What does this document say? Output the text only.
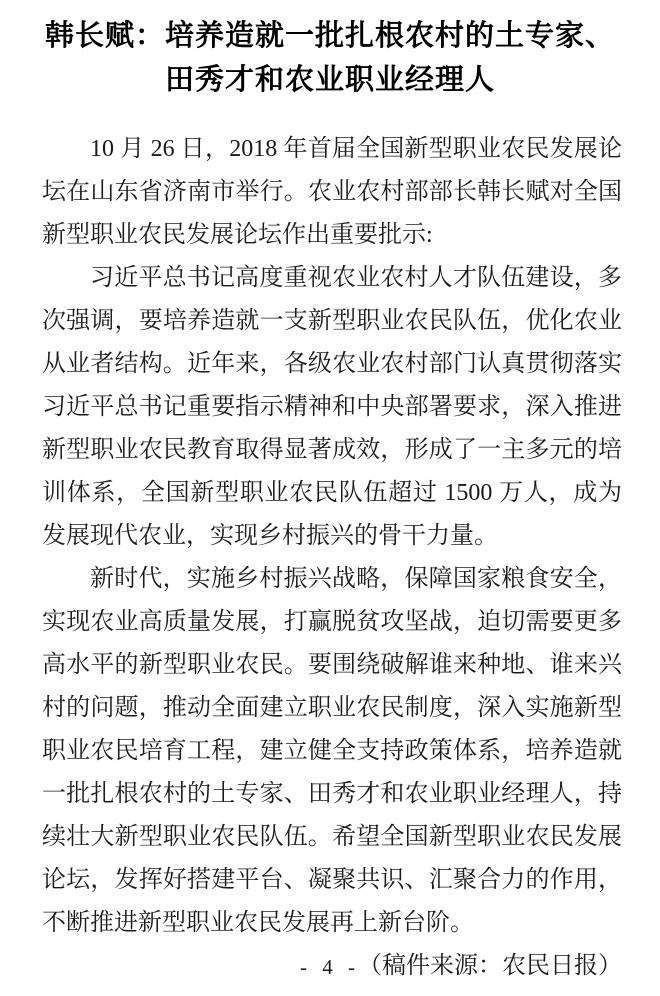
韩长赋：培养造就一批扎根农村的土专家、
田秀才和农业职业经理人

10 月 26 日，2018 年首届全国新型职业农民发展论坛在山东省济南市举行。农业农村部部长韩长赋对全国新型职业农民发展论坛作出重要批示:

习近平总书记高度重视农业农村人才队伍建设，多次强调，要培养造就一支新型职业农民队伍，优化农业从业者结构。近年来，各级农业农村部门认真贯彻落实习近平总书记重要指示精神和中央部署要求，深入推进新型职业农民教育取得显著成效，形成了一主多元的培训体系，全国新型职业农民队伍超过 1500 万人，成为发展现代农业，实现乡村振兴的骨干力量。

新时代，实施乡村振兴战略，保障国家粮食安全，实现农业高质量发展，打赢脱贫攻坚战，迫切需要更多高水平的新型职业农民。要围绕破解谁来种地、谁来兴村的问题，推动全面建立职业农民制度，深入实施新型职业农民培育工程，建立健全支持政策体系，培养造就一批扎根农村的土专家、田秀才和农业职业经理人，持续壮大新型职业农民队伍。希望全国新型职业农民发展论坛，发挥好搭建平台、凝聚共识、汇聚合力的作用，不断推进新型职业农民发展再上新台阶。
（稿件来源：农民日报）

- 4 -
